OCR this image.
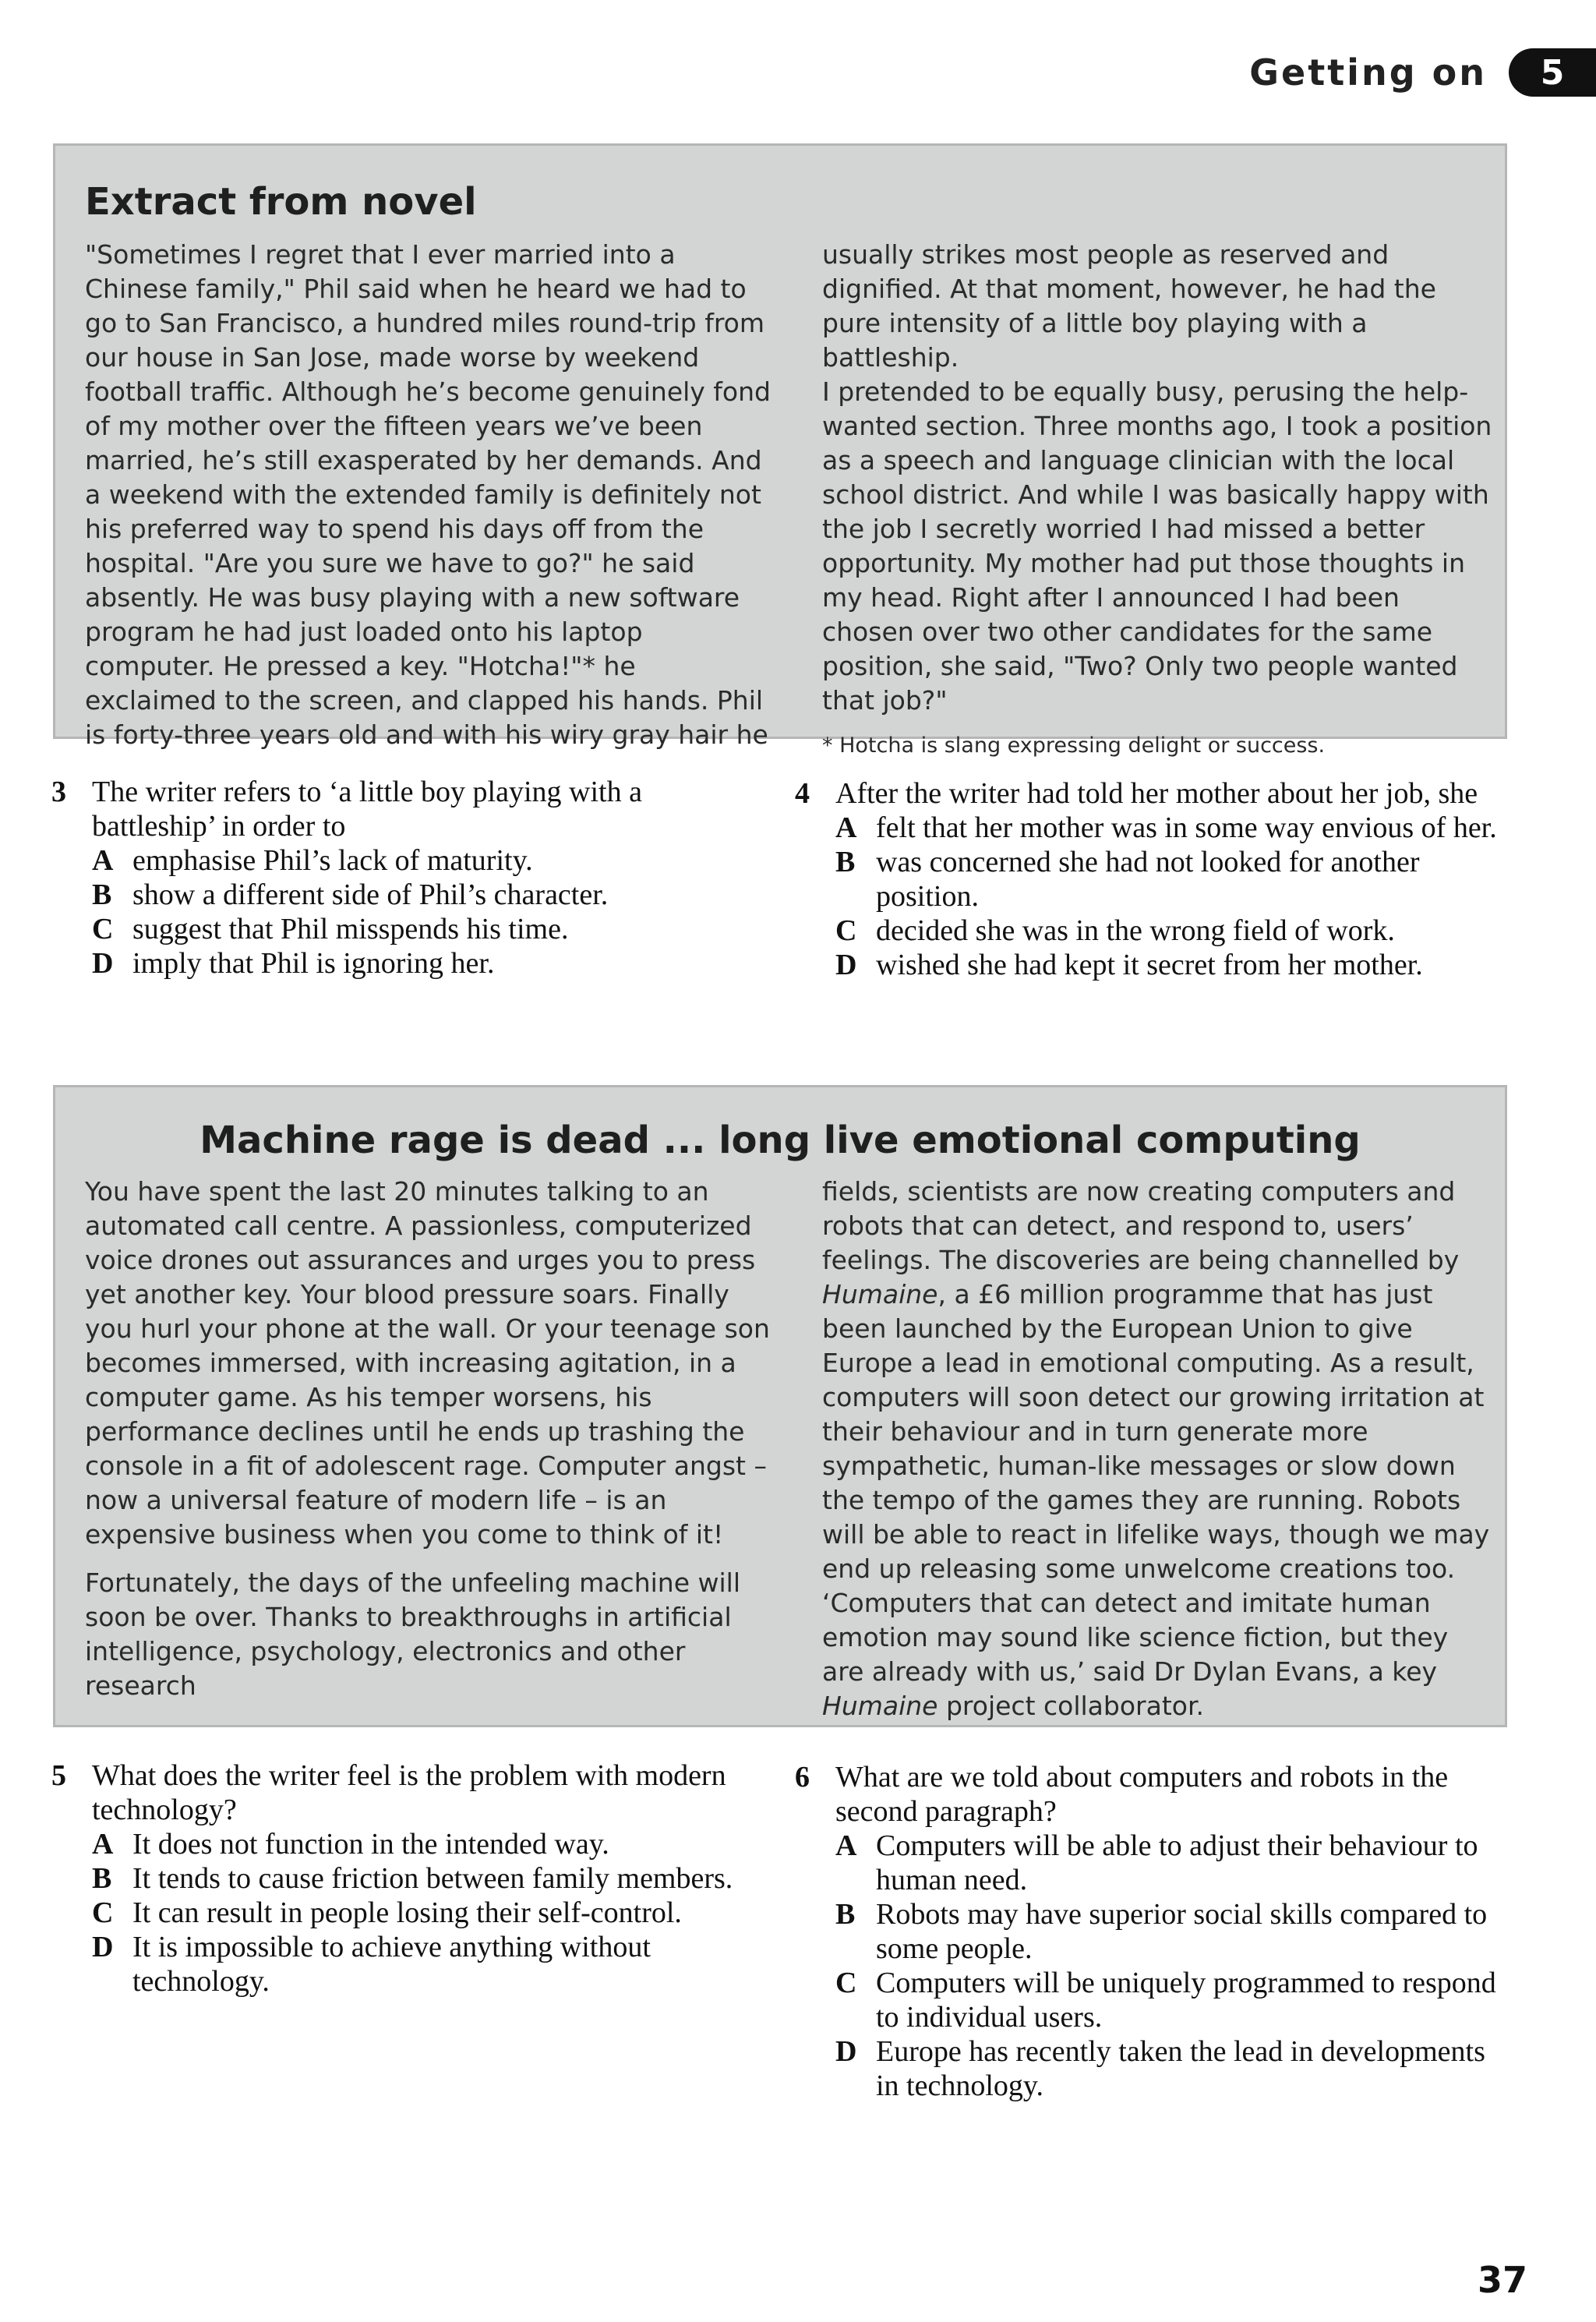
Getting on	5
Extract from novel

"Sometimes I regret that I ever married into a Chinese family," Phil said when he heard we had to go to San Francisco, a hundred miles round-trip from our house in San Jose, made worse by weekend football traffic. Although he’s become genuinely fond of my mother over the fifteen years we’ve been married, he’s still exasperated by her demands. And a weekend with the extended family is definitely not his preferred way to spend his days off from the hospital. "Are you sure we have to go?" he said absently. He was busy playing with a new software program he had just loaded onto his laptop computer. He pressed a key. "Hotcha!"* he exclaimed to the screen, and clapped his hands. Phil is forty-three years old and with his wiry gray hair he

usually strikes most people as reserved and dignified. At that moment, however, he had the pure intensity of a little boy playing with a battleship.

I pretended to be equally busy, perusing the help-wanted section. Three months ago, I took a position as a speech and language clinician with the local school district. And while I was basically happy with the job I secretly worried I had missed a better opportunity. My mother had put those thoughts in my head. Right after I announced I had been chosen over two other candidates for the same position, she said, "Two? Only two people wanted that job?"

* Hotcha is slang expressing delight or success.

3 The writer refers to ‘a little boy playing with a battleship’ in order to
A emphasise Phil’s lack of maturity.
B show a different side of Phil’s character.
C suggest that Phil misspends his time.
D imply that Phil is ignoring her.
4 After the writer had told her mother about her job, she
A felt that her mother was in some way envious of her.
B was concerned she had not looked for another position.
C decided she was in the wrong field of work.
D wished she had kept it secret from her mother.
Machine rage is dead ... long live emotional computing

You have spent the last 20 minutes talking to an automated call centre. A passionless, computerized voice drones out assurances and urges you to press yet another key. Your blood pressure soars. Finally you hurl your phone at the wall. Or your teenage son becomes immersed, with increasing agitation, in a computer game. As his temper worsens, his performance declines until he ends up trashing the console in a fit of adolescent rage. Computer angst – now a universal feature of modern life – is an expensive business when you come to think of it!

Fortunately, the days of the unfeeling machine will soon be over. Thanks to breakthroughs in artificial intelligence, psychology, electronics and other research

fields, scientists are now creating computers and robots that can detect, and respond to, users’ feelings. The discoveries are being channelled by Humaine, a £6 million programme that has just been launched by the European Union to give Europe a lead in emotional computing. As a result, computers will soon detect our growing irritation at their behaviour and in turn generate more sympathetic, human-like messages or slow down the tempo of the games they are running. Robots will be able to react in lifelike ways, though we may end up releasing some unwelcome creations too. ‘Computers that can detect and imitate human emotion may sound like science fiction, but they are already with us,’ said Dr Dylan Evans, a key Humaine project collaborator.

5 What does the writer feel is the problem with modern technology?
A It does not function in the intended way.
B It tends to cause friction between family members.
C It can result in people losing their self-control.
D It is impossible to achieve anything without technology.
6 What are we told about computers and robots in the second paragraph?
A Computers will be able to adjust their behaviour to human need.
B Robots may have superior social skills compared to some people.
C Computers will be uniquely programmed to respond to individual users.
D Europe has recently taken the lead in developments in technology.
37
